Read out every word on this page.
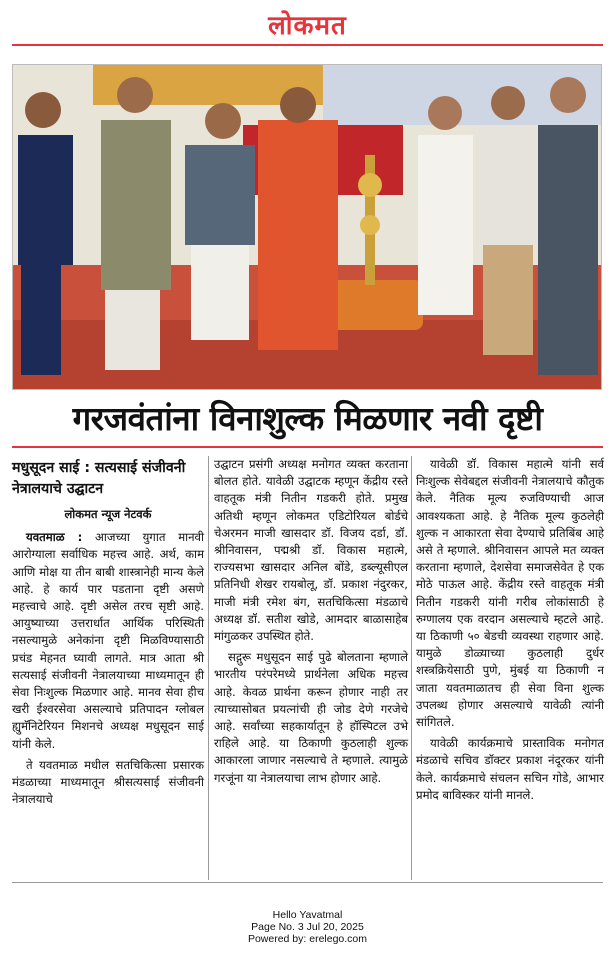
लोकमत
गरजवंतांना विनाशुल्क मिळणार नवी दृष्टी
मधुसूदन साई : सत्यसाई संजीवनी नेत्रालयाचे उद्घाटन
लोकमत न्यूज नेटवर्क

यवतमाळ : आजच्या युगात मानवी आरोग्याला सर्वाधिक महत्त्व आहे. अर्थ, काम आणि मोक्ष या तीन बाबी शास्त्रानेही मान्य केले आहे. हे कार्य पार पडताना दृष्टी असणे महत्त्वाचे आहे. दृष्टी असेल तरच सृष्टी आहे. आयुष्याच्या उत्तरार्धात आर्थिक परिस्थिती नसल्यामुळे अनेकांना दृष्टी मिळविण्यासाठी प्रचंड मेहनत घ्यावी लागते. मात्र आता श्री सत्यसाई संजीवनी नेत्रालयाच्या माध्यमातून ही सेवा निःशुल्क मिळणार आहे. मानव सेवा हीच खरी ईश्वरसेवा असल्याचे प्रतिपादन ग्लोबल ह्युमॅनिटेरियन मिशनचे अध्यक्ष मधुसूदन साई यांनी केले.

ते यवतमाळ मधील सतचिकित्सा प्रसारक मंडळाच्या माध्यमातून श्रीसत्यसाई संजीवनी नेत्रालयाचे

उद्घाटन प्रसंगी अध्यक्ष मनोगत व्यक्त करताना बोलत होते. यावेळी उद्घाटक म्हणून केंद्रीय रस्ते वाहतूक मंत्री नितीन गडकरी होते. प्रमुख अतिथी म्हणून लोकमत एडिटोरियल बोर्डचे चेअरमन माजी खासदार डॉ. विजय दर्डा, डॉ. श्रीनिवासन, पद्मश्री डॉ. विकास महात्मे, राज्यसभा खासदार अनिल बोंडे, डब्ल्यूसीएल प्रतिनिधी शेखर रायबोलू, डॉ. प्रकाश नंदुरकर, माजी मंत्री रमेश बंग, सतचिकित्सा मंडळाचे अध्यक्ष डॉ. सतीश खोडे, आमदार बाळासाहेब मांगुळकर उपस्थित होते.

सद्गुरू मधुसूदन साई पुढे बोलताना म्हणाले भारतीय परंपरेमध्ये प्रार्थनेला अधिक महत्त्व आहे. केवळ प्रार्थना करून होणार नाही तर त्याच्यासोबत प्रयत्नांची ही जोड देणे गरजेचे आहे. सर्वांच्या सहकार्यातून हे हॉस्पिटल उभे राहिले आहे. या ठिकाणी कुठलाही शुल्क आकारला जाणार नसल्याचे ते म्हणाले. त्यामुळे गरजूंना या नेत्रालयाचा लाभ होणार आहे.

यावेळी डॉ. विकास महात्मे यांनी सर्व निःशुल्क सेवेबद्दल संजीवनी नेत्रालयाचे कौतुक केले. नैतिक मूल्य रुजविण्याची आज आवश्यकता आहे. हे नैतिक मूल्य कुठलेही शुल्क न आकारता सेवा देण्याचे प्रतिबिंब आहे असे ते म्हणाले. श्रीनिवासन आपले मत व्यक्त करताना म्हणाले, देशसेवा समाजसेवेत हे एक मोठे पाऊल आहे. केंद्रीय रस्ते वाहतूक मंत्री नितीन गडकरी यांनी गरीब लोकांसाठी हे रुग्णालय एक वरदान असल्याचे म्हटले आहे. या ठिकाणी ५० बेडची व्यवस्था राहणार आहे. यामुळे डोळ्याच्या कुठलाही दुर्धर शस्त्रक्रियेसाठी पुणे, मुंबई या ठिकाणी न जाता यवतमाळातच ही सेवा विना शुल्क उपलब्ध होणार असल्याचे यावेळी त्यांनी सांगितले.

यावेळी कार्यक्रमाचे प्रास्ताविक मनोगत मंडळाचे सचिव डॉक्टर प्रकाश नंदूरकर यांनी केले. कार्यक्रमाचे संचलन सचिन गोडे, आभार प्रमोद बाविस्कर यांनी मानले.

Hello Yavatmal
Page No. 3 Jul 20, 2025
Powered by: erelego.com
